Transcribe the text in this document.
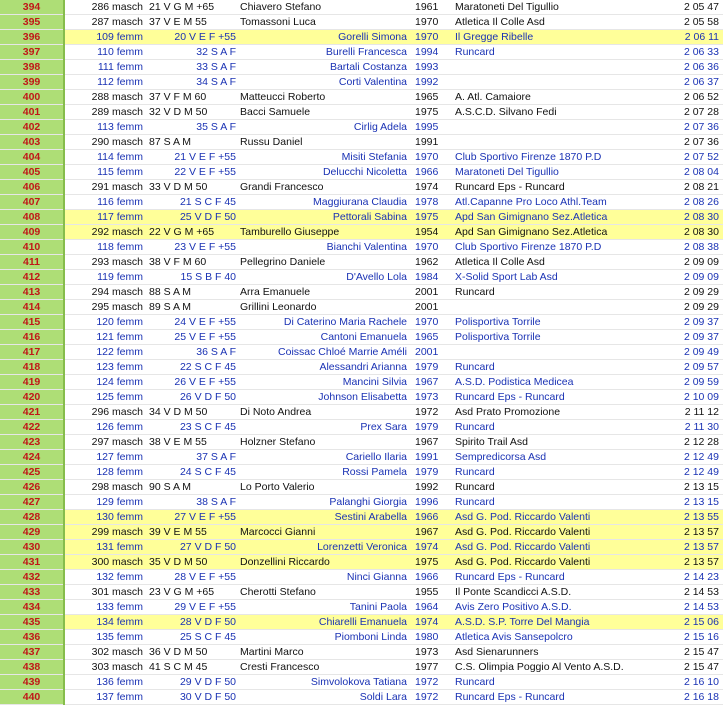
394	286 masch	21 V G M +65	Chiavero Stefano	1961	Maratoneti Del Tigullio	2 05 47
395	287 masch	37 V E M 55	Tomassoni Luca	1970	Atletica Il Colle Asd	2 05 58
396	109 femm	20 V E F +55	Gorelli Simona	1970	Il Gregge Ribelle	2 06 11
397	110 femm	32 S A F	Burelli Francesca	1994	Runcard	2 06 33
398	111 femm	33 S A F	Bartali Costanza	1993		2 06 36
399	112 femm	34 S A F	Corti Valentina	1992		2 06 37
400	288 masch	37 V F M 60	Matteucci Roberto	1965	A. Atl. Camaiore	2 06 52
401	289 masch	32 V D M 50	Bacci Samuele	1975	A.S.C.D. Silvano Fedi	2 07 28
402	113 femm	35 S A F	Cirlig Adela	1995		2 07 36
403	290 masch	87 S A M	Russu Daniel	1991		2 07 36
404	114 femm	21 V E F +55	Misiti Stefania	1970	Club Sportivo Firenze 1870 P.D	2 07 52
405	115 femm	22 V E F +55	Delucchi Nicoletta	1966	Maratoneti Del Tigullio	2 08 04
406	291 masch	33 V D M 50	Grandi Francesco	1974	Runcard Eps - Runcard	2 08 21
407	116 femm	21 S C F 45	Maggiurana Claudia	1978	Atl.Capanne Pro Loco Athl.Team	2 08 26
408	117 femm	25 V D F 50	Pettorali Sabina	1975	Apd San Gimignano Sez.Atletica	2 08 30
409	292 masch	22 V G M +65	Tamburello Giuseppe	1954	Apd San Gimignano Sez.Atletica	2 08 30
410	118 femm	23 V E F +55	Bianchi Valentina	1970	Club Sportivo Firenze 1870 P.D	2 08 38
411	293 masch	38 V F M 60	Pellegrino Daniele	1962	Atletica Il Colle Asd	2 09 09
412	119 femm	15 S B F 40	D'Avello Lola	1984	X-Solid Sport Lab Asd	2 09 09
413	294 masch	88 S A M	Arra Emanuele	2001	Runcard	2 09 29
414	295 masch	89 S A M	Grillini Leonardo	2001		2 09 29
415	120 femm	24 V E F +55	Di Caterino Maria Rachele	1970	Polisportiva Torrile	2 09 37
416	121 femm	25 V E F +55	Cantoni Emanuela	1965	Polisportiva Torrile	2 09 37
417	122 femm	36 S A F	Coissac Chloé Marrie Améli	2001		2 09 49
418	123 femm	22 S C F 45	Alessandri Arianna	1979	Runcard	2 09 57
419	124 femm	26 V E F +55	Mancini Silvia	1967	A.S.D. Podistica Medicea	2 09 59
420	125 femm	26 V D F 50	Johnson Elisabetta	1973	Runcard Eps - Runcard	2 10 09
421	296 masch	34 V D M 50	Di Noto Andrea	1972	Asd Prato Promozione	2 11 12
422	126 femm	23 S C F 45	Prex Sara	1979	Runcard	2 11 30
423	297 masch	38 V E M 55	Holzner Stefano	1967	Spirito Trail Asd	2 12 28
424	127 femm	37 S A F	Cariello Ilaria	1991	Sempredicorsa Asd	2 12 49
425	128 femm	24 S C F 45	Rossi Pamela	1979	Runcard	2 12 49
426	298 masch	90 S A M	Lo Porto Valerio	1992	Runcard	2 13 15
427	129 femm	38 S A F	Palanghi Giorgia	1996	Runcard	2 13 15
428	130 femm	27 V E F +55	Sestini Arabella	1966	Asd G. Pod. Riccardo Valenti	2 13 55
429	299 masch	39 V E M 55	Marcocci Gianni	1967	Asd G. Pod. Riccardo Valenti	2 13 57
430	131 femm	27 V D F 50	Lorenzetti Veronica	1974	Asd G. Pod. Riccardo Valenti	2 13 57
431	300 masch	35 V D M 50	Donzellini Riccardo	1975	Asd G. Pod. Riccardo Valenti	2 13 57
432	132 femm	28 V E F +55	Ninci Gianna	1966	Runcard Eps - Runcard	2 14 23
433	301 masch	23 V G M +65	Cherotti Stefano	1955	Il Ponte Scandicci A.S.D.	2 14 53
434	133 femm	29 V E F +55	Tanini Paola	1964	Avis Zero Positivo A.S.D.	2 14 53
435	134 femm	28 V D F 50	Chiarelli Emanuela	1974	A.S.D. S.P. Torre Del Mangia	2 15 06
436	135 femm	25 S C F 45	Piomboni Linda	1980	Atletica Avis Sansepolcro	2 15 16
437	302 masch	36 V D M 50	Martini Marco	1973	Asd Sienarunners	2 15 47
438	303 masch	41 S C M 45	Cresti Francesco	1977	C.S. Olimpia Poggio Al Vento A.S.D.	2 15 47
439	136 femm	29 V D F 50	Simvolokova Tatiana	1972	Runcard	2 16 10
440	137 femm	30 V D F 50	Soldi Lara	1972	Runcard Eps - Runcard	2 16 18
